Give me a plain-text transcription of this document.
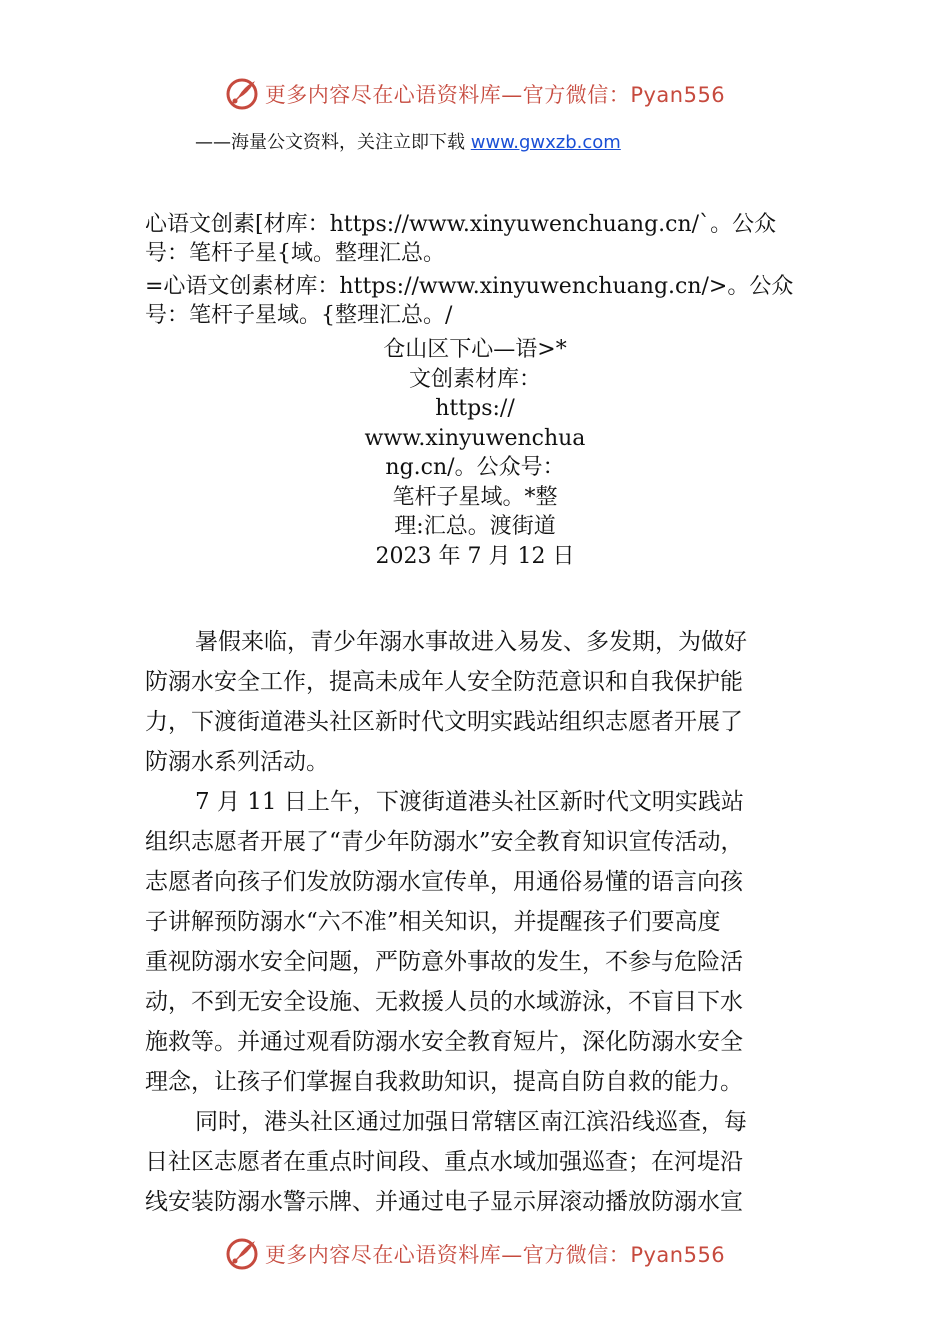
更多内容尽在心语资料库—官方微信：Pyan556
——海量公文资料，关注立即下载 www.gwxzb.com
心语文创素[材库：https://www.xinyuwenchuang.cn/`。公众
号：笔杆子星{域。整理汇总。
=心语文创素材库：https://www.xinyuwenchuang.cn/>。公众
号：笔杆子星域。{整理汇总。/
仓山区下心—语>*
文创素材库：
https://
www.xinyuwenchua
ng.cn/。公众号：
笔杆子星域。*整
理:汇总。渡街道
2023 年 7 月 12 日
暑假来临，青少年溺水事故进入易发、多发期，为做好
防溺水安全工作，提高未成年人安全防范意识和自我保护能
力，下渡街道港头社区新时代文明实践站组织志愿者开展了
防溺水系列活动。
7 月 11 日上午，下渡街道港头社区新时代文明实践站
组织志愿者开展了“青少年防溺水”安全教育知识宣传活动，
志愿者向孩子们发放防溺水宣传单，用通俗易懂的语言向孩
子讲解预防溺水“六不准”相关知识，并提醒孩子们要高度
重视防溺水安全问题，严防意外事故的发生，不参与危险活
动，不到无安全设施、无救援人员的水域游泳，不盲目下水
施救等。并通过观看防溺水安全教育短片，深化防溺水安全
理念，让孩子们掌握自我救助知识，提高自防自救的能力。
同时，港头社区通过加强日常辖区南江滨沿线巡查，每
日社区志愿者在重点时间段、重点水域加强巡查；在河堤沿
线安装防溺水警示牌、并通过电子显示屏滚动播放防溺水宣
更多内容尽在心语资料库—官方微信：Pyan556
